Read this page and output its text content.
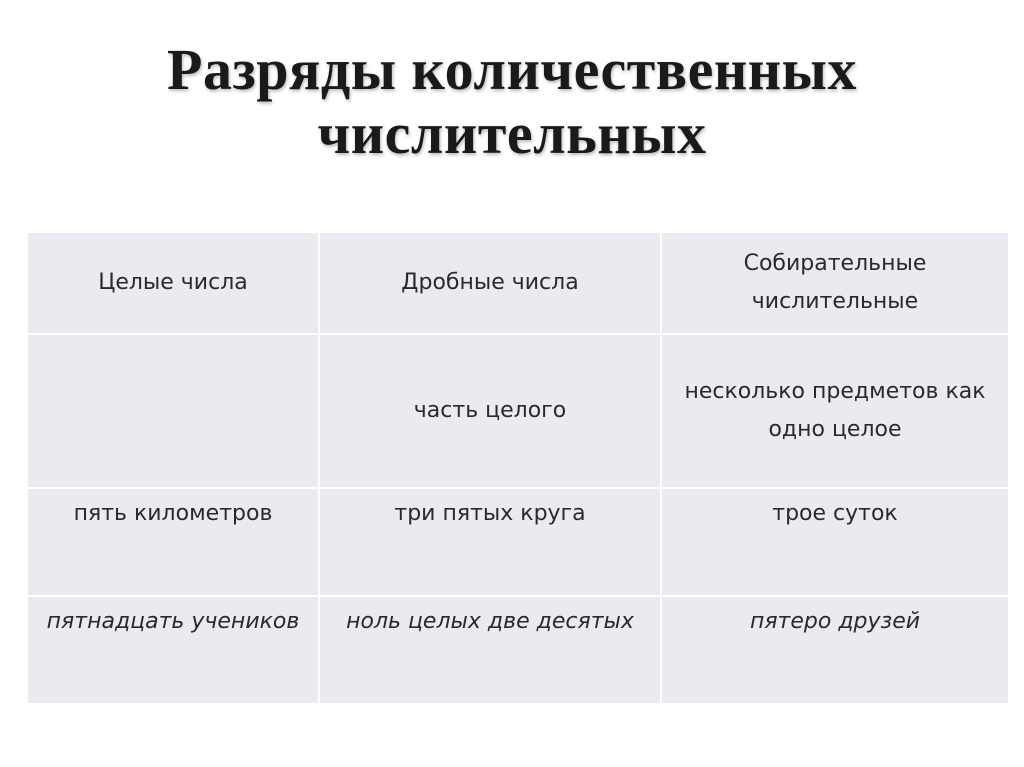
Разряды количественных
числительных
Целые числа	Дробные числа	Собирательные числительные
	часть целого	несколько предметов как одно целое
пять километров	три пятых круга	трое суток
пятнадцать учеников	ноль целых две десятых	пятеро друзей
